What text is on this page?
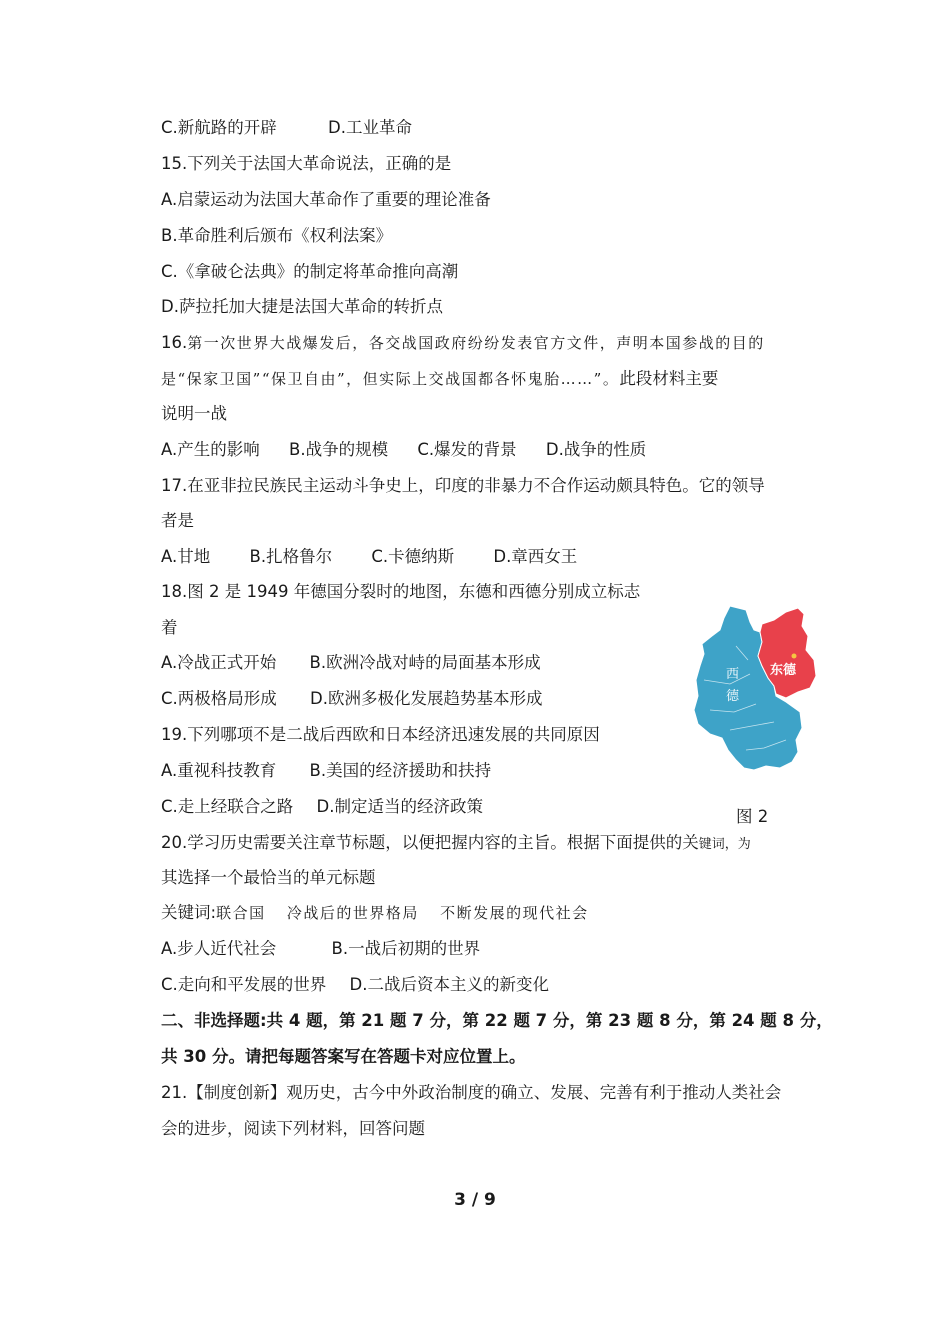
C.新航路的开辟	D.工业革命
15.下列关于法国大革命说法，正确的是
A.启蒙运动为法国大革命作了重要的理论准备
B.革命胜利后颁布《权利法案》
C.《拿破仑法典》的制定将革命推向高潮
D.萨拉托加大捷是法国大革命的转折点
16.第一次世界大战爆发后，各交战国政府纷纷发表官方文件，声明本国参战的目的
是“保家卫国”“保卫自由”，但实际上交战国都各怀鬼胎……”。此段材料主要
说明一战
A.产生的影响 B.战争的规模 C.爆发的背景 D.战争的性质
17.在亚非拉民族民主运动斗争史上，印度的非暴力不合作运动颇具特色。它的领导
者是
A.甘地 B.扎格鲁尔 C.卡德纳斯 D.章西女王
18.图 2 是 1949 年德国分裂时的地图，东德和西德分别成立标志
着
A.冷战正式开始 B.欧洲冷战对峙的局面基本形成
C.两极格局形成 D.欧洲多极化发展趋势基本形成
19.下列哪项不是二战后西欧和日本经济迅速发展的共同原因
A.重视科技教育 B.美国的经济援助和扶持
C.走上经联合之路 D.制定适当的经济政策
20.学习历史需要关注章节标题，以便把握内容的主旨。根据下面提供的关键词，为
其选择一个最恰当的单元标题
关键词:联合国 冷战后的世界格局 不断发展的现代社会
A.步人近代社会	B.一战后初期的世界
C.走向和平发展的世界 D.二战后资本主义的新变化
二、非选择题:共 4 题，第 21 题 7 分，第 22 题 7 分，第 23 题 8 分，第 24 题 8 分，
共 30 分。请把每题答案写在答题卡对应位置上。
21.【制度创新】观历史，古今中外政治制度的确立、发展、完善有利于推动人类社会
会的进步，阅读下列材料，回答问题
西
德
东德
图 2
3 / 9
